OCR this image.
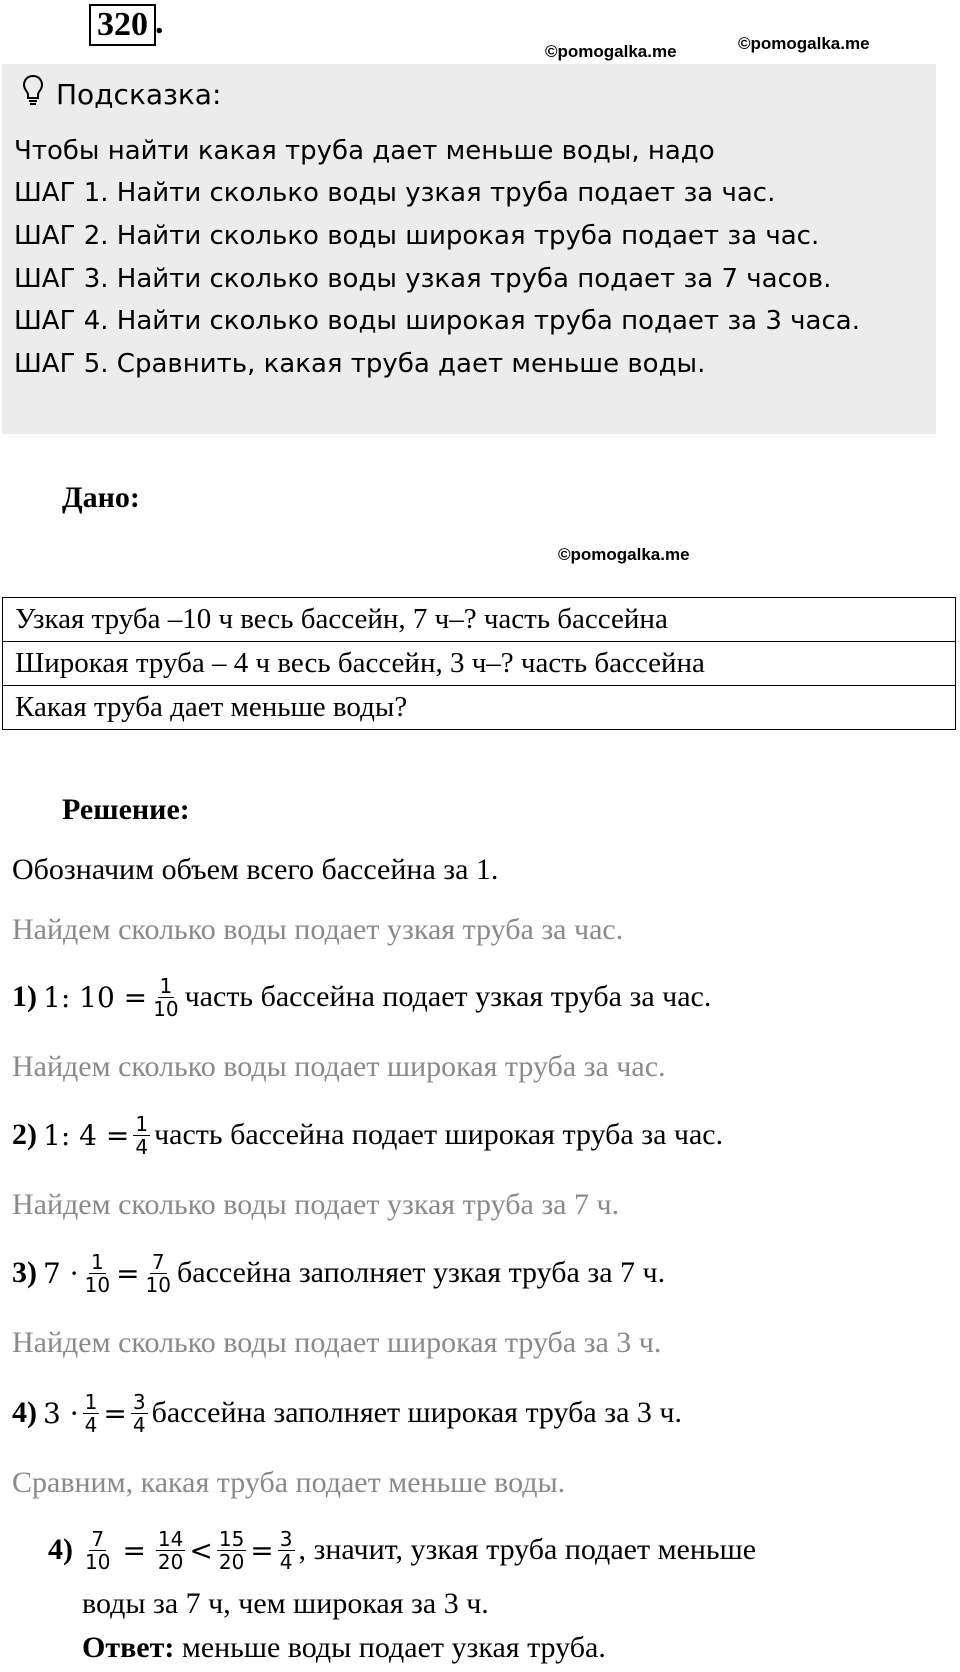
320 .
©pomogalka.me	©pomogalka.me
Подсказка:
Чтобы найти какая труба дает меньше воды, надо
ШАГ 1. Найти сколько воды узкая труба подает за час.
ШАГ 2. Найти сколько воды широкая труба подает за час.
ШАГ 3. Найти сколько воды узкая труба подает за 7 часов.
ШАГ 4. Найти сколько воды широкая труба подает за 3 часа.
ШАГ 5. Сравнить, какая труба дает меньше воды.
Дано:
©pomogalka.me
Узкая труба –10 ч весь бассейн, 7 ч–? часть бассейна
Широкая труба – 4 ч весь бассейн, 3 ч–? часть бассейна
Какая труба дает меньше воды?
Решение:
Обозначим объем всего бассейна за 1.
Найдем сколько воды подает узкая труба за час.
1) 1: $10 = \frac{1}{10}$ часть бассейна подает узкая труба за час.
Найдем сколько воды подает широкая труба за час.
2) 1: $4 = \frac{1}{4}$ часть бассейна подает широкая труба за час.
Найдем сколько воды подает узкая труба за 7 ч.
3) $7 \cdot \frac{1}{10} = \frac{7}{10}$ бассейна заполняет узкая труба за 7 ч.
Найдем сколько воды подает широкая труба за 3 ч.
4) $3 \cdot \frac{1}{4} = \frac{3}{4}$ бассейна заполняет широкая труба за 3 ч.
Сравним, какая труба подает меньше воды.
$4) \frac{7}{10} = \frac{14}{20} < \frac{15}{20} = \frac{3}{4}$ , значит, узкая труба подает меньше
воды за 7 ч, чем широкая за 3 ч.
Ответ: меньше воды подает узкая труба.
